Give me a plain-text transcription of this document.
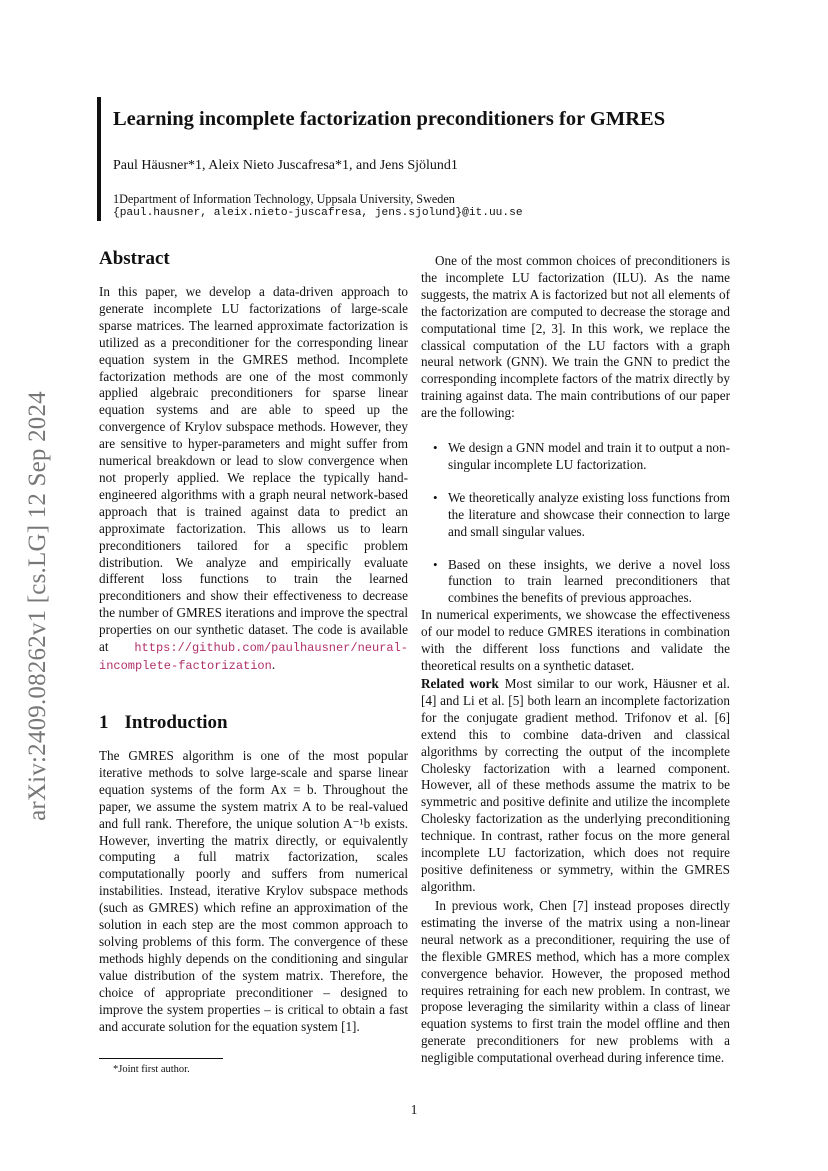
arXiv:2409.08262v1 [cs.LG] 12 Sep 2024
Learning incomplete factorization preconditioners for GMRES
Paul Häusner*1, Aleix Nieto Juscafresa*1, and Jens Sjölund1
1Department of Information Technology, Uppsala University, Sweden
{paul.hausner, aleix.nieto-juscafresa, jens.sjolund}@it.uu.se
Abstract

In this paper, we develop a data-driven approach to generate incomplete LU factorizations of large-scale sparse matrices. The learned approximate factorization is utilized as a preconditioner for the corresponding linear equation system in the GMRES method. Incomplete factorization methods are one of the most commonly applied algebraic preconditioners for sparse linear equation systems and are able to speed up the convergence of Krylov subspace methods. However, they are sensitive to hyper-parameters and might suffer from numerical breakdown or lead to slow convergence when not properly applied. We replace the typically hand-engineered algorithms with a graph neural network-based approach that is trained against data to predict an approximate factorization. This allows us to learn preconditioners tailored for a specific problem distribution. We analyze and empirically evaluate different loss functions to train the learned preconditioners and show their effectiveness to decrease the number of GMRES iterations and improve the spectral properties on our synthetic dataset. The code is available at https://github.com/paulhausner/neural-incomplete-factorization.

1 Introduction

The GMRES algorithm is one of the most popular iterative methods to solve large-scale and sparse linear equation systems of the form Ax = b. Throughout the paper, we assume the system matrix A to be real-valued and full rank. Therefore, the unique solution A⁻¹b exists. However, inverting the matrix directly, or equivalently computing a full matrix factorization, scales computationally poorly and suffers from numerical instabilities. Instead, iterative Krylov subspace methods (such as GMRES) which refine an approximation of the solution in each step are the most common approach to solving problems of this form. The convergence of these methods highly depends on the conditioning and singular value distribution of the system matrix. Therefore, the choice of appropriate preconditioner – designed to improve the system properties – is critical to obtain a fast and accurate solution for the equation system [1].

One of the most common choices of preconditioners is the incomplete LU factorization (ILU). As the name suggests, the matrix A is factorized but not all elements of the factorization are computed to decrease the storage and computational time [2, 3]. In this work, we replace the classical computation of the LU factors with a graph neural network (GNN). We train the GNN to predict the corresponding incomplete factors of the matrix directly by training against data. The main contributions of our paper are the following:

• We design a GNN model and train it to output a non-singular incomplete LU factorization.
• We theoretically analyze existing loss functions from the literature and showcase their connection to large and small singular values.
• Based on these insights, we derive a novel loss function to train learned preconditioners that combines the benefits of previous approaches.

In numerical experiments, we showcase the effectiveness of our model to reduce GMRES iterations in combination with the different loss functions and validate the theoretical results on a synthetic dataset.

Related work Most similar to our work, Häusner et al. [4] and Li et al. [5] both learn an incomplete factorization for the conjugate gradient method. Trifonov et al. [6] extend this to combine data-driven and classical algorithms by correcting the output of the incomplete Cholesky factorization with a learned component. However, all of these methods assume the matrix to be symmetric and positive definite and utilize the incomplete Cholesky factorization as the underlying preconditioning technique. In contrast, rather focus on the more general incomplete LU factorization, which does not require positive definiteness or symmetry, within the GMRES algorithm.

In previous work, Chen [7] instead proposes directly estimating the inverse of the matrix using a non-linear neural network as a preconditioner, requiring the use of the flexible GMRES method, which has a more complex convergence behavior. However, the proposed method requires retraining for each new problem. In contrast, we propose leveraging the similarity within a class of linear equation systems to first train the model offline and then generate preconditioners for new problems with a negligible computational overhead during inference time.

*Joint first author.
1
